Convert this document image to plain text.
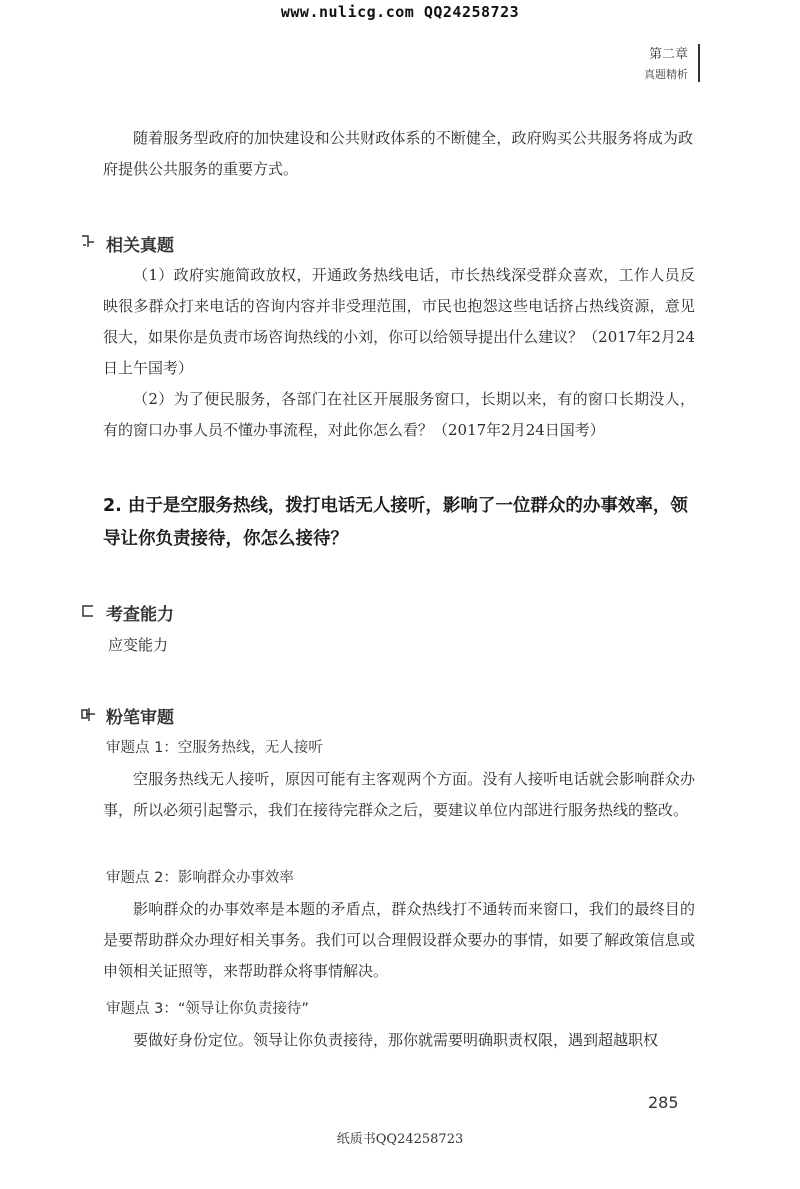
www.nulicg.com QQ24258723
第二章
真题精析
随着服务型政府的加快建设和公共财政体系的不断健全，政府购买公共服务将成为政府提供公共服务的重要方式。
相关真题
（1）政府实施简政放权，开通政务热线电话，市长热线深受群众喜欢，工作人员反映很多群众打来电话的咨询内容并非受理范围，市民也抱怨这些电话挤占热线资源，意见很大，如果你是负责市场咨询热线的小刘，你可以给领导提出什么建议？（2017年2月24日上午国考）
（2）为了便民服务，各部门在社区开展服务窗口，长期以来，有的窗口长期没人，有的窗口办事人员不懂办事流程，对此你怎么看？（2017年2月24日国考）
2. 由于是空服务热线，拨打电话无人接听，影响了一位群众的办事效率，领导让你负责接待，你怎么接待？
考查能力
应变能力
粉笔审题
审题点 1：空服务热线，无人接听
空服务热线无人接听，原因可能有主客观两个方面。没有人接听电话就会影响群众办事，所以必须引起警示，我们在接待完群众之后，要建议单位内部进行服务热线的整改。
审题点 2：影响群众办事效率
影响群众的办事效率是本题的矛盾点，群众热线打不通转而来窗口，我们的最终目的是要帮助群众办理好相关事务。我们可以合理假设群众要办的事情，如要了解政策信息或申领相关证照等，来帮助群众将事情解决。
审题点 3：“领导让你负责接待”
要做好身份定位。领导让你负责接待，那你就需要明确职责权限，遇到超越职权
285
纸质书QQ24258723
